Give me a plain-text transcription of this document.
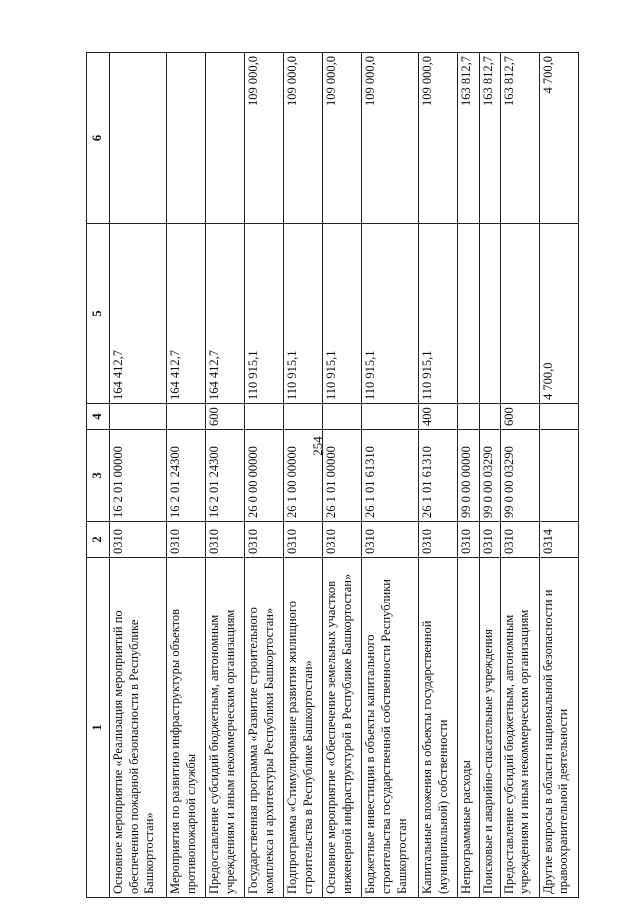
254
1	2	3	4	5	6
Основное мероприятие «Реализация мероприятий по обеспечению пожарной безопасности в Республике Башкортостан»	0310	16 2 01 00000		164 412,7	
Мероприятия по развитию инфраструктуры объектов противопожарной службы	0310	16 2 01 24300		164 412,7	
Предоставление субсидий бюджетным, автономным учреждениям и иным некоммерческим организациям	0310	16 2 01 24300	600	164 412,7	
Государственная программа «Развитие строительного комплекса и архитектуры Республики Башкортостан»	0310	26 0 00 00000		110 915,1	109 000,0
Подпрограмма «Стимулирование развития жилищного строительства в Республике Башкортостан»	0310	26 1 00 00000		110 915,1	109 000,0
Основное мероприятие «Обеспечение земельных участков инженерной инфраструктурой в Республике Башкортостан»	0310	26 1 01 00000		110 915,1	109 000,0
Бюджетные инвестиции в объекты капитального строительства государственной собственности Республики Башкортостан	0310	26 1 01 61310		110 915,1	109 000,0
Капитальные вложения в объекты государственной (муниципальной) собственности	0310	26 1 01 61310	400	110 915,1	109 000,0
Непрограммные расходы	0310	99 0 00 00000			163 812,7
Поисковые и аварийно-спасательные учреждения	0310	99 0 00 03290			163 812,7
Предоставление субсидий бюджетным, автономным учреждениям и иным некоммерческим организациям	0310	99 0 00 03290	600		163 812,7
Другие вопросы в области национальной безопасности и правоохранительной деятельности	0314			4 700,0	4 700,0
